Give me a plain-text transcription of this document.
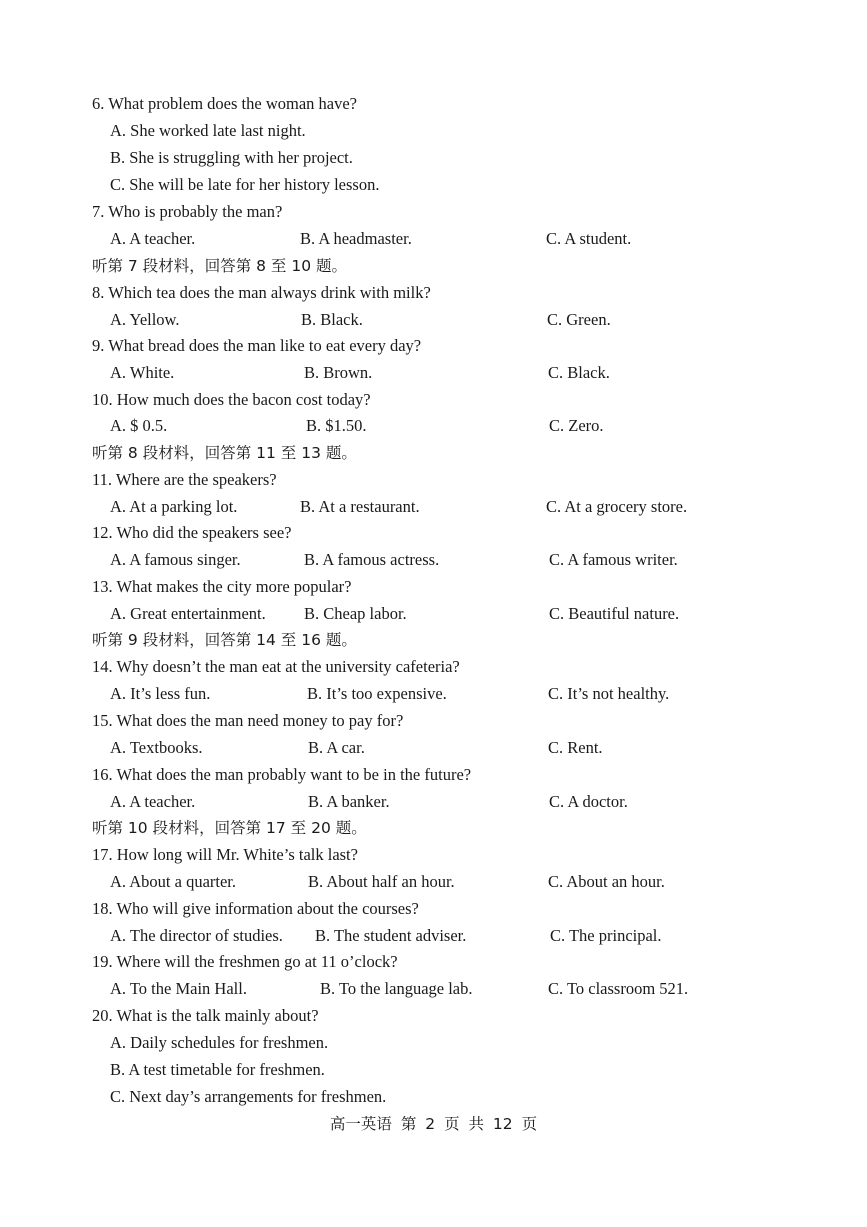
6. What problem does the woman have?
A. She worked late last night.
B. She is struggling with her project.
C. She will be late for her history lesson.
7. Who is probably the man?
A. A teacher.	B. A headmaster.	C. A student.
听第 7 段材料，回答第 8 至 10 题。
8. Which tea does the man always drink with milk?
A. Yellow.	B. Black.	C. Green.
9. What bread does the man like to eat every day?
A. White.	B. Brown.	C. Black.
10. How much does the bacon cost today?
A. $ 0.5.	B. $1.50.	C. Zero.
听第 8 段材料，回答第 11 至 13 题。
11. Where are the speakers?
A. At a parking lot.	B. At a restaurant.	C. At a grocery store.
12. Who did the speakers see?
A. A famous singer.	B. A famous actress.	C. A famous writer.
13. What makes the city more popular?
A. Great entertainment. B. Cheap labor.	C. Beautiful nature.
听第 9 段材料，回答第 14 至 16 题。
14. Why doesn’t the man eat at the university cafeteria?
A. It’s less fun.	B. It’s too expensive.	C. It’s not healthy.
15. What does the man need money to pay for?
A. Textbooks.	B. A car.	C. Rent.
16. What does the man probably want to be in the future?
A. A teacher.	B. A banker.	C. A doctor.
听第 10 段材料，回答第 17 至 20 题。
17. How long will Mr. White’s talk last?
A. About a quarter.	B. About half an hour.	C. About an hour.
18. Who will give information about the courses?
A. The director of studies. B. The student adviser.	C. The principal.
19. Where will the freshmen go at 11 o’clock?
A. To the Main Hall.	B. To the language lab.	C. To classroom 521.
20. What is the talk mainly about?
A. Daily schedules for freshmen.
B. A test timetable for freshmen.
C. Next day’s arrangements for freshmen.
高一英语 第 2 页 共 12 页
